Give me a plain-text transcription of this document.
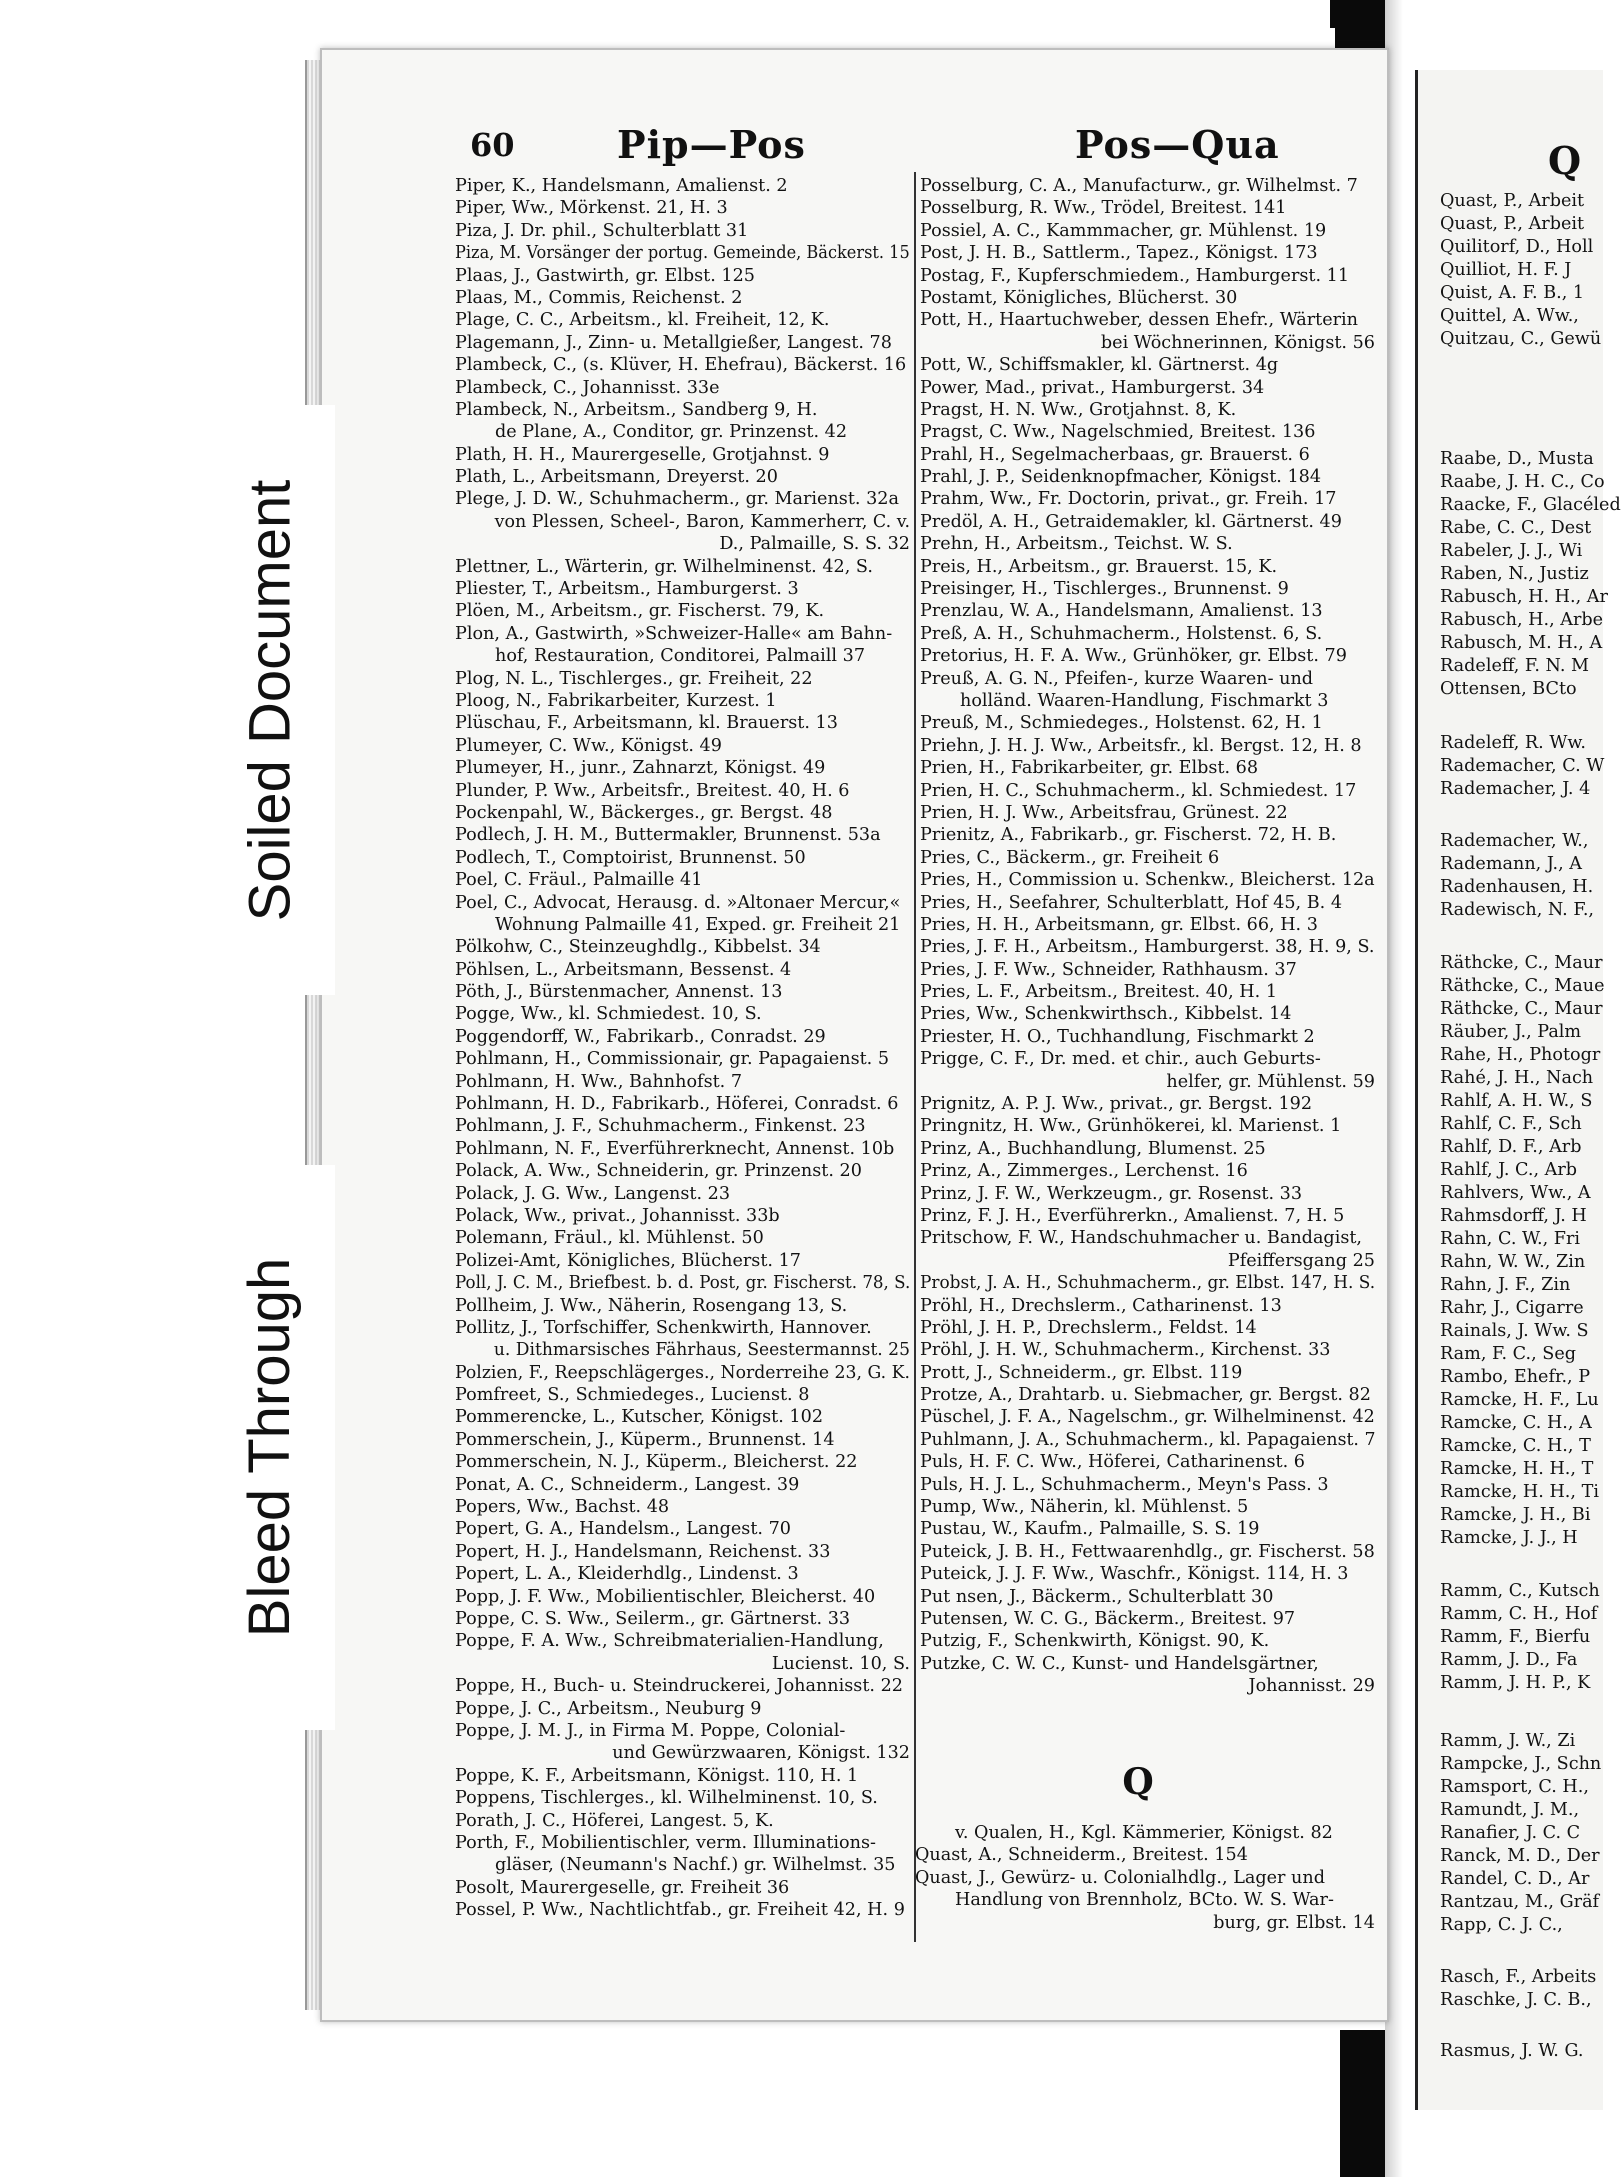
Q
Quast, P., Arbeit
Quast, P., Arbeit
Quilitorf, D., Holl
Quilliot, H. F. J
Quist, A. F. B., 1
Quittel, A. Ww.,
Quitzau, C., Gewü
Raabe, D., Musta
Raabe, J. H. C., Co
Raacke, F., Glacéled
Rabe, C. C., Dest
Rabeler, J. J., Wi
Raben, N., Justiz
Rabusch, H. H., Ar
Rabusch, H., Arbe
Rabusch, M. H., A
Radeleff, F. N. M
Ottensen, BCto
Radeleff, R. Ww.
Rademacher, C. W
Rademacher, J. 4
Rademacher, W.,
Rademann, J., A
Radenhausen, H.
Radewisch, N. F.,
Räthcke, C., Maur
Räthcke, C., Maue
Räthcke, C., Maur
Räuber, J., Palm
Rahe, H., Photogr
Rahé, J. H., Nach
Rahlf, A. H. W., S
Rahlf, C. F., Sch
Rahlf, D. F., Arb
Rahlf, J. C., Arb
Rahlvers, Ww., A
Rahmsdorff, J. H
Rahn, C. W., Fri
Rahn, W. W., Zin
Rahn, J. F., Zin
Rahr, J., Cigarre
Rainals, J. Ww. S
Ram, F. C., Seg
Rambo, Ehefr., P
Ramcke, H. F., Lu
Ramcke, C. H., A
Ramcke, C. H., T
Ramcke, H. H., T
Ramcke, H. H., Ti
Ramcke, J. H., Bi
Ramcke, J. J., H
Ramm, C., Kutsch
Ramm, C. H., Hof
Ramm, F., Bierfu
Ramm, J. D., Fa
Ramm, J. H. P., K
Ramm, J. W., Zi
Rampcke, J., Schn
Ramsport, C. H.,
Ramundt, J. M.,
Ranafier, J. C. C
Ranck, M. D., Der
Randel, C. D., Ar
Rantzau, M., Gräf
Rapp, C. J. C.,
Rasch, F., Arbeits
Raschke, J. C. B.,
Rasmus, J. W. G.
60	Pip—Pos	Pos—Qua
Piper, K., Handelsmann, Amalienst. 2
Piper, Ww., Mörkenst. 21, H. 3
Piza, J. Dr. phil., Schulterblatt 31
Piza, M. Vorsänger der portug. Gemeinde, Bäckerst. 15
Plaas, J., Gastwirth, gr. Elbst. 125
Plaas, M., Commis, Reichenst. 2
Plage, C. C., Arbeitsm., kl. Freiheit, 12, K.
Plagemann, J., Zinn- u. Metallgießer, Langest. 78
Plambeck, C., (s. Klüver, H. Ehefrau), Bäckerst. 16
Plambeck, C., Johannisst. 33e
Plambeck, N., Arbeitsm., Sandberg 9, H.
de Plane, A., Conditor, gr. Prinzenst. 42
Plath, H. H., Maurergeselle, Grotjahnst. 9
Plath, L., Arbeitsmann, Dreyerst. 20
Plege, J. D. W., Schuhmacherm., gr. Marienst. 32a
von Plessen, Scheel-, Baron, Kammerherr, C. v.
D., Palmaille, S. S. 32
Plettner, L., Wärterin, gr. Wilhelminenst. 42, S.
Pliester, T., Arbeitsm., Hamburgerst. 3
Plöen, M., Arbeitsm., gr. Fischerst. 79, K.
Plon, A., Gastwirth, »Schweizer-Halle« am Bahn-
hof, Restauration, Conditorei, Palmaill 37
Plog, N. L., Tischlerges., gr. Freiheit, 22
Ploog, N., Fabrikarbeiter, Kurzest. 1
Plüschau, F., Arbeitsmann, kl. Brauerst. 13
Plumeyer, C. Ww., Königst. 49
Plumeyer, H., junr., Zahnarzt, Königst. 49
Plunder, P. Ww., Arbeitsfr., Breitest. 40, H. 6
Pockenpahl, W., Bäckerges., gr. Bergst. 48
Podlech, J. H. M., Buttermakler, Brunnenst. 53a
Podlech, T., Comptoirist, Brunnenst. 50
Poel, C. Fräul., Palmaille 41
Poel, C., Advocat, Herausg. d. »Altonaer Mercur,«
Wohnung Palmaille 41, Exped. gr. Freiheit 21
Pölkohw, C., Steinzeughdlg., Kibbelst. 34
Pöhlsen, L., Arbeitsmann, Bessenst. 4
Pöth, J., Bürstenmacher, Annenst. 13
Pogge, Ww., kl. Schmiedest. 10, S.
Poggendorff, W., Fabrikarb., Conradst. 29
Pohlmann, H., Commissionair, gr. Papagaienst. 5
Pohlmann, H. Ww., Bahnhofst. 7
Pohlmann, H. D., Fabrikarb., Höferei, Conradst. 6
Pohlmann, J. F., Schuhmacherm., Finkenst. 23
Pohlmann, N. F., Everführerknecht, Annenst. 10b
Polack, A. Ww., Schneiderin, gr. Prinzenst. 20
Polack, J. G. Ww., Langenst. 23
Polack, Ww., privat., Johannisst. 33b
Polemann, Fräul., kl. Mühlenst. 50
Polizei-Amt, Königliches, Blücherst. 17
Poll, J. C. M., Briefbest. b. d. Post, gr. Fischerst. 78, S.
Pollheim, J. Ww., Näherin, Rosengang 13, S.
Pollitz, J., Torfschiffer, Schenkwirth, Hannover.
u. Dithmarsisches Fährhaus, Seestermannst. 25
Polzien, F., Reepschlägerges., Norderreihe 23, G. K.
Pomfreet, S., Schmiedeges., Lucienst. 8
Pommerencke, L., Kutscher, Königst. 102
Pommerschein, J., Küperm., Brunnenst. 14
Pommerschein, N. J., Küperm., Bleicherst. 22
Ponat, A. C., Schneiderm., Langest. 39
Popers, Ww., Bachst. 48
Popert, G. A., Handelsm., Langest. 70
Popert, H. J., Handelsmann, Reichenst. 33
Popert, L. A., Kleiderhdlg., Lindenst. 3
Popp, J. F. Ww., Mobilientischler, Bleicherst. 40
Poppe, C. S. Ww., Seilerm., gr. Gärtnerst. 33
Poppe, F. A. Ww., Schreibmaterialien-Handlung,
Lucienst. 10, S.
Poppe, H., Buch- u. Steindruckerei, Johannisst. 22
Poppe, J. C., Arbeitsm., Neuburg 9
Poppe, J. M. J., in Firma M. Poppe, Colonial-
und Gewürzwaaren, Königst. 132
Poppe, K. F., Arbeitsmann, Königst. 110, H. 1
Poppens, Tischlerges., kl. Wilhelminenst. 10, S.
Porath, J. C., Höferei, Langest. 5, K.
Porth, F., Mobilientischler, verm. Illuminations-
gläser, (Neumann's Nachf.) gr. Wilhelmst. 35
Posolt, Maurergeselle, gr. Freiheit 36
Possel, P. Ww., Nachtlichtfab., gr. Freiheit 42, H. 9
Posselburg, C. A., Manufacturw., gr. Wilhelmst. 7
Posselburg, R. Ww., Trödel, Breitest. 141
Possiel, A. C., Kammmacher, gr. Mühlenst. 19
Post, J. H. B., Sattlerm., Tapez., Königst. 173
Postag, F., Kupferschmiedem., Hamburgerst. 11
Postamt, Königliches, Blücherst. 30
Pott, H., Haartuchweber, dessen Ehefr., Wärterin
bei Wöchnerinnen, Königst. 56
Pott, W., Schiffsmakler, kl. Gärtnerst. 4g
Power, Mad., privat., Hamburgerst. 34
Pragst, H. N. Ww., Grotjahnst. 8, K.
Pragst, C. Ww., Nagelschmied, Breitest. 136
Prahl, H., Segelmacherbaas, gr. Brauerst. 6
Prahl, J. P., Seidenknopfmacher, Königst. 184
Prahm, Ww., Fr. Doctorin, privat., gr. Freih. 17
Predöl, A. H., Getraidemakler, kl. Gärtnerst. 49
Prehn, H., Arbeitsm., Teichst. W. S.
Preis, H., Arbeitsm., gr. Brauerst. 15, K.
Preisinger, H., Tischlerges., Brunnenst. 9
Prenzlau, W. A., Handelsmann, Amalienst. 13
Preß, A. H., Schuhmacherm., Holstenst. 6, S.
Pretorius, H. F. A. Ww., Grünhöker, gr. Elbst. 79
Preuß, A. G. N., Pfeifen-, kurze Waaren- und
holländ. Waaren-Handlung, Fischmarkt 3
Preuß, M., Schmiedeges., Holstenst. 62, H. 1
Priehn, J. H. J. Ww., Arbeitsfr., kl. Bergst. 12, H. 8
Prien, H., Fabrikarbeiter, gr. Elbst. 68
Prien, H. C., Schuhmacherm., kl. Schmiedest. 17
Prien, H. J. Ww., Arbeitsfrau, Grünest. 22
Prienitz, A., Fabrikarb., gr. Fischerst. 72, H. B.
Pries, C., Bäckerm., gr. Freiheit 6
Pries, H., Commission u. Schenkw., Bleicherst. 12a
Pries, H., Seefahrer, Schulterblatt, Hof 45, B. 4
Pries, H. H., Arbeitsmann, gr. Elbst. 66, H. 3
Pries, J. F. H., Arbeitsm., Hamburgerst. 38, H. 9, S.
Pries, J. F. Ww., Schneider, Rathhausm. 37
Pries, L. F., Arbeitsm., Breitest. 40, H. 1
Pries, Ww., Schenkwirthsch., Kibbelst. 14
Priester, H. O., Tuchhandlung, Fischmarkt 2
Prigge, C. F., Dr. med. et chir., auch Geburts-
helfer, gr. Mühlenst. 59
Prignitz, A. P. J. Ww., privat., gr. Bergst. 192
Pringnitz, H. Ww., Grünhökerei, kl. Marienst. 1
Prinz, A., Buchhandlung, Blumenst. 25
Prinz, A., Zimmerges., Lerchenst. 16
Prinz, J. F. W., Werkzeugm., gr. Rosenst. 33
Prinz, F. J. H., Everführerkn., Amalienst. 7, H. 5
Pritschow, F. W., Handschuhmacher u. Bandagist,
Pfeiffersgang 25
Probst, J. A. H., Schuhmacherm., gr. Elbst. 147, H. S.
Pröhl, H., Drechslerm., Catharinenst. 13
Pröhl, J. H. P., Drechslerm., Feldst. 14
Pröhl, J. H. W., Schuhmacherm., Kirchenst. 33
Prott, J., Schneiderm., gr. Elbst. 119
Protze, A., Drahtarb. u. Siebmacher, gr. Bergst. 82
Püschel, J. F. A., Nagelschm., gr. Wilhelminenst. 42
Puhlmann, J. A., Schuhmacherm., kl. Papagaienst. 7
Puls, H. F. C. Ww., Höferei, Catharinenst. 6
Puls, H. J. L., Schuhmacherm., Meyn's Pass. 3
Pump, Ww., Näherin, kl. Mühlenst. 5
Pustau, W., Kaufm., Palmaille, S. S. 19
Puteick, J. B. H., Fettwaarenhdlg., gr. Fischerst. 58
Puteick, J. J. F. Ww., Waschfr., Königst. 114, H. 3
Put nsen, J., Bäckerm., Schulterblatt 30
Putensen, W. C. G., Bäckerm., Breitest. 97
Putzig, F., Schenkwirth, Königst. 90, K.
Putzke, C. W. C., Kunst- und Handelsgärtner,
Johannisst. 29
Q
v. Qualen, H., Kgl. Kämmerier, Königst. 82
Quast, A., Schneiderm., Breitest. 154
Quast, J., Gewürz- u. Colonialhdlg., Lager und
Handlung von Brennholz, BCto. W. S. War-
burg, gr. Elbst. 14
Soiled Document
Bleed Through
